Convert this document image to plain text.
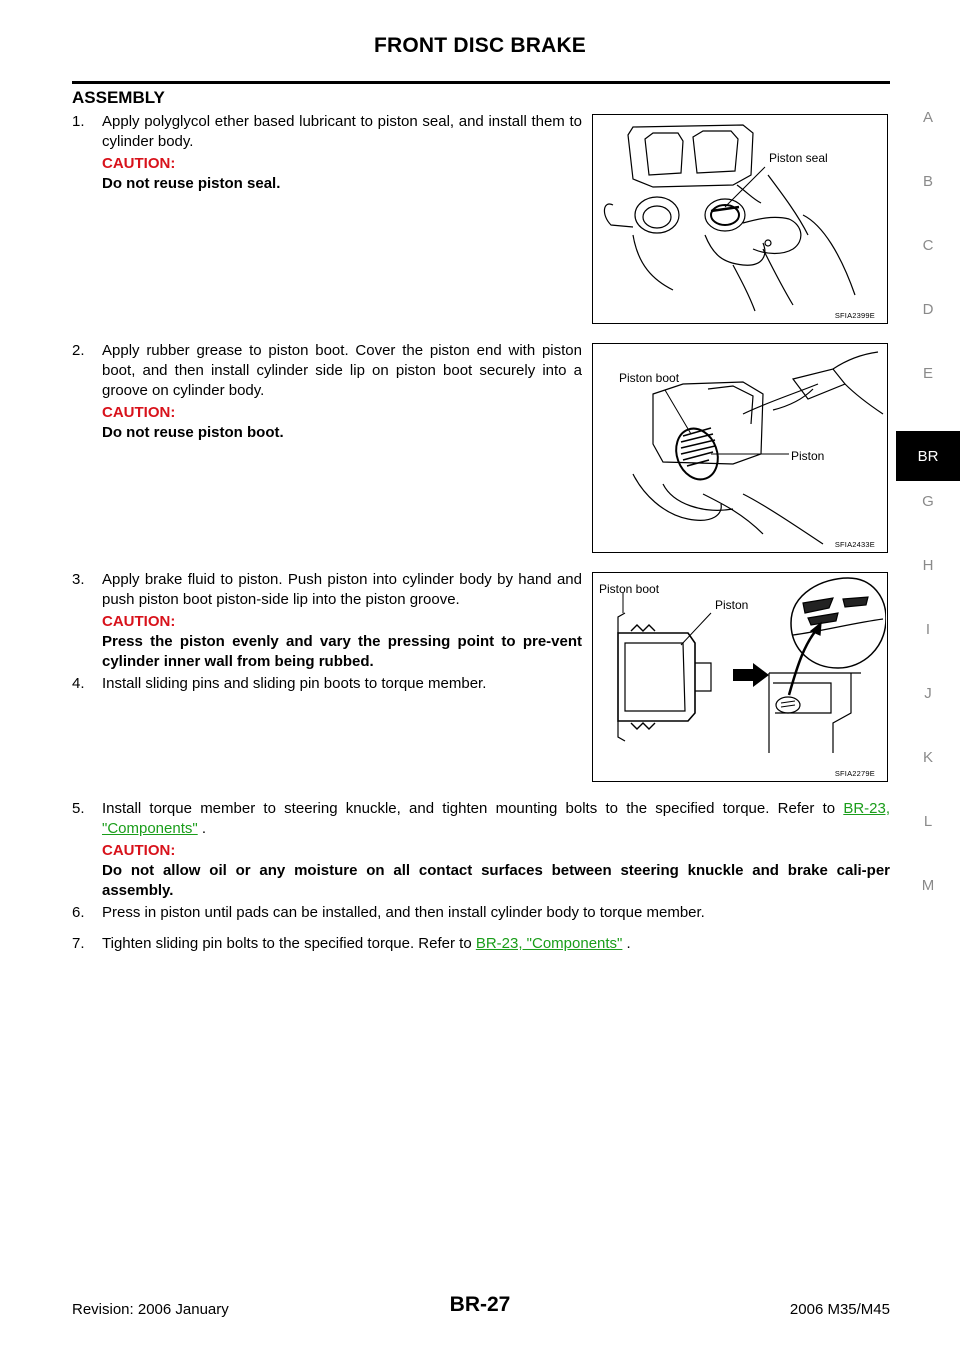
FRONT DISC BRAKE
ASSEMBLY
A
B
C
D
E
BR
G
H
I
J
K
L
M
1. Apply polyglycol ether based lubricant to piston seal, and install them to cylinder body.
CAUTION:
Do not reuse piston seal.
Piston seal
SFIA2399E
2. Apply rubber grease to piston boot. Cover the piston end with piston boot, and then install cylinder side lip on piston boot securely into a groove on cylinder body.
CAUTION:
Do not reuse piston boot.
Piston boot
Piston
SFIA2433E
3. Apply brake fluid to piston. Push piston into cylinder body by hand and push piston boot piston-side lip into the piston groove.
CAUTION:
Press the piston evenly and vary the pressing point to pre-vent cylinder inner wall from being rubbed.
4. Install sliding pins and sliding pin boots to torque member.
Piston boot
Piston
SFIA2279E
5. Install torque member to steering knuckle, and tighten mounting bolts to the specified torque. Refer to BR-23, "Components" .
CAUTION:
Do not allow oil or any moisture on all contact surfaces between steering knuckle and brake cali-per assembly.
6. Press in piston until pads can be installed, and then install cylinder body to torque member.
7. Tighten sliding pin bolts to the specified torque. Refer to BR-23, "Components" .
Revision: 2006 January	BR-27	2006 M35/M45
